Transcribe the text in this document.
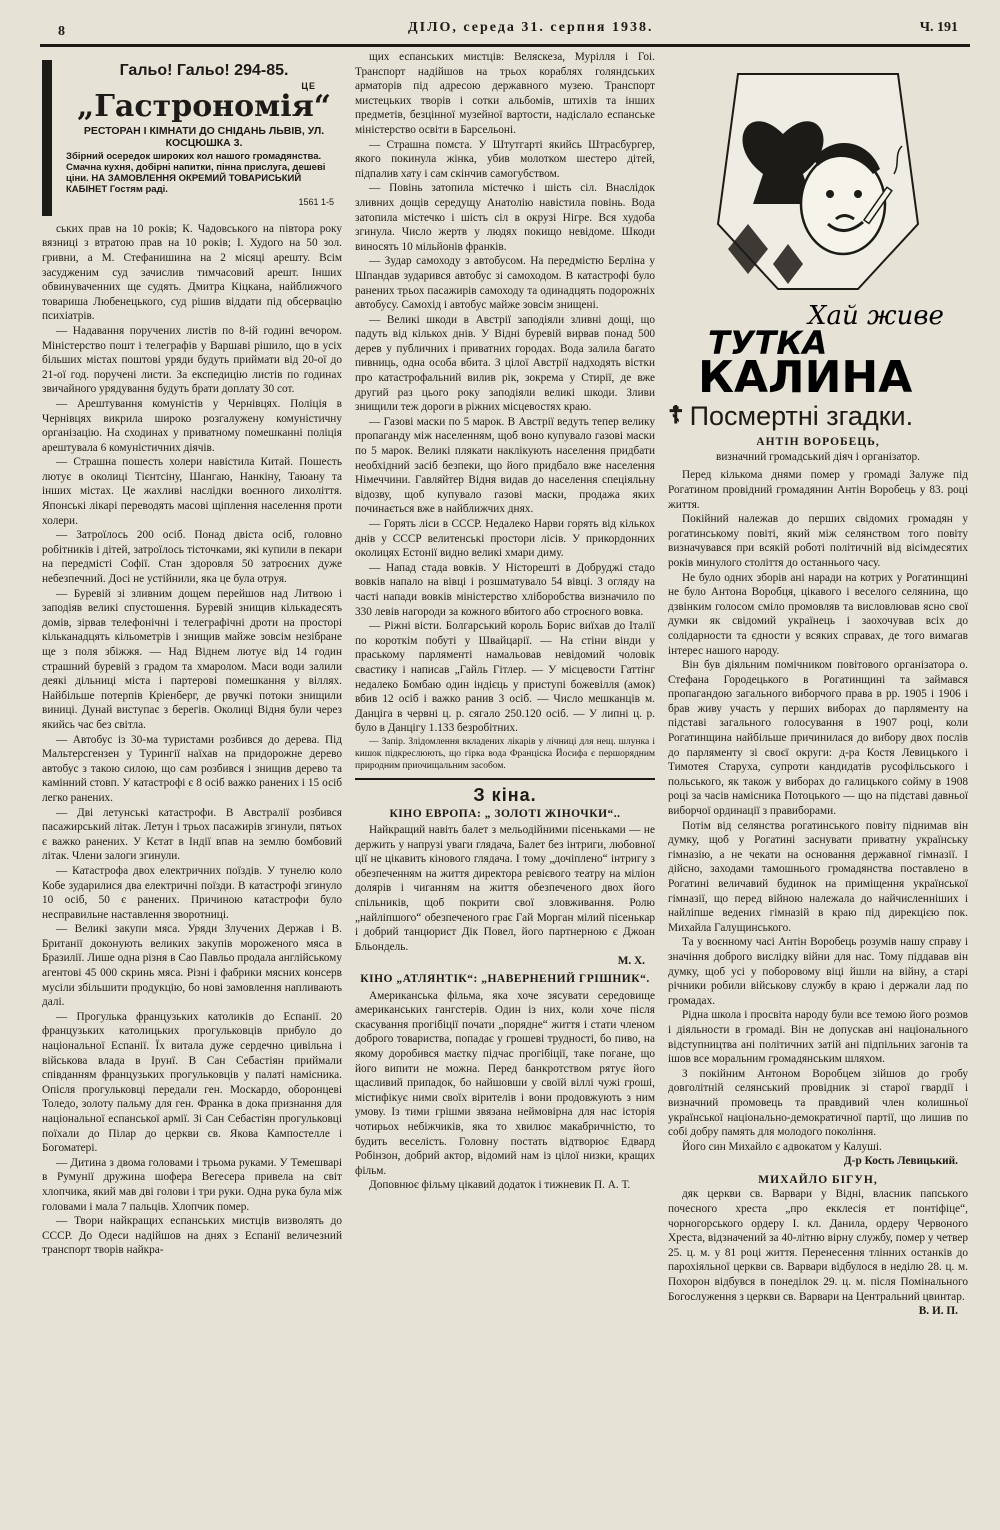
8	ДІЛО, середа 31. серпня 1938.	Ч. 191
Гальо! Гальо! 294-85.
ЦЕ
„Гастрономія“
РЕСТОРАН І КІМНАТИ ДО СНІДАНЬ ЛЬВІВ, УЛ. КОСЦЮШКА 3.
Збірний осередок широких кол нашого громадянства. Смачна кухня, добірні напитки, пінна прислуга, дешеві ціни. НА ЗАМОВЛЕННЯ ОКРЕМИЙ ТОВАРИСЬКИЙ КАБІНЕТ Гостям раді.
1561 1-5

ських прав на 10 років; К. Чадовського на півтора року вязниці з втратою прав на 10 років; І. Худого на 50 зол. гривни, а М. Стефанишина на 2 місяці арешту. Всім засудженим суд зачислив тимчасовий арешт. Інших обвинуваченних ще судять. Дмитра Кіцкана, найближчого товариша Любенецького, суд рішив віддати під обсервацію психіатрів.

— Надавання поручених листів по 8-ій годині вечором. Міністерство пошт і телеграфів у Варшаві рішило, що в усіх більших містах поштові уряди будуть приймати від 20-ої до 21-ої год. поручені листи. За експедицію листів по годинах звичайного урядування будуть брати доплату 30 сот.

— Арештування комуністів у Чернівцях. Поліція в Чернівцях викрила широко розгалужену комуністичну організацію. На сходинах у приватному помешканні поліція арештувала 6 комуністичних діячів.

— Страшна пошесть холери навістила Китай. Пошесть лютує в околиці Тієнтсіну, Шангаю, Нанкіну, Таюану та інших містах. Це жахливі наслідки воєнного лихоліття. Японські лікарі переводять масові щіплення населення проти холери.

— Затроїлось 200 осіб. Понад двіста осіб, головно робітників і дітей, затроїлось тісточками, які купили в пекари на передмісті Софії. Стан здоровля 50 затроєних дуже небезпечний. Досі не устійнили, яка це була отруя.

— Буревій зі зливним дощем перейшов над Литвою і заподіяв великі спустошення. Буревій знищив кількадесять домів, зірвав телефонічні і телеграфічні дроти на просторі кільканадцять кільометрів і знищив майже зовсім незібране ще з поля збіжжя. — Над Віднем лютує від 14 годин страшний буревій з градом та хмаролом. Маси води залили деякі дільниці міста і партерові помешкання у віллях. Найбільше потерпів Кріенберг, де рвучкі потоки знищили виниці. Дунай виступає з берегів. Околиці Відня були через якийсь час без світла.

— Автобус із 30-ма туристами розбився до дерева. Під Мальтерсгензен у Турингії наїхав на придорожне дерево автобус з такою силою, що сам розбився і знищив дерево та камінний стовп. У катастрофі є 8 осіб важко ранених і 15 осіб легко ранених.

— Дві летунські катастрофи. В Австралії розбився пасажирський літак. Летун і трьох пасажирів згинули, пятьох є важко ранених. У Кєтат в Індії впав на землю бомбовий літак. Члени залоги згинули.

— Катастрофа двох електричних поїздів. У тунелю коло Кобе зударилися два електричні поїзди. В катастрофі згинуло 10 осіб, 50 є ранених. Причиною катастрофи було несправильне наставлення зворотниці.

— Великі закупи мяса. Уряди Злучених Держав і В. Британії доконують великих закупів мороженого мяса в Бразилії. Лише одна різня в Сао Павльо продала англійському агентові 45 000 скринь мяса. Різні і фабрики мясних консерв мусіли збільшити продукцію, бо нові замовлення напливають далі.

— Прогулька французьких католиків до Еспанії. 20 французьких католицьких прогульковців прибуло до національної Еспанії. Їх витала дуже сердечно цивільна і військова влада в Ірунї. В Сан Себастіян приймали співданням французьких прогульковців у палаті намісника. Опісля прогульковці передали ген. Москардо, оборонцеві Толедо, золоту пальму для ген. Франка в дока признання для національної еспанської армії. Зі Сан Себастіян прогульковці поїхали до Пілар до церкви св. Якова Кампостелле і Богоматері.

— Дитина з двома головами і трьома руками. У Темешварі в Румунії дружина шофера Вегесера привела на світ хлопчика, який мав дві голови і три руки. Одна рука була між головами і мала 7 пальців. Хлопчик помер.

— Твори найкращих еспанських мистців визволять до СССР. До Одеси надійшов на днях з Еспанії величезний транспорт творів найкра-

щих еспанських мистців: Веляскеза, Мурілля і Гоі. Транспорт надійшов на трьох кораблях голяндських арматорів під адресою державного музею. Транспорт мистецьких творів і сотки альбомів, штихів та інших предметів, безцінної музейної вартости, надіслало еспанське міністерство освіти в Барсельоні.

— Страшна помста. У Штутгарті якийсь Штрасбургер, якого покинула жінка, убив молотком шестеро дітей, підпалив хату і сам скінчив самогубством.

— Повінь затопила містечко і шість сіл. Внаслідок зливних дощів середущу Анатолію навістила повінь. Вода затопила містечко і шість сіл в окрузі Нігре. Вся худоба згинула. Число жертв у людях покищо невідоме. Шкоди виносять 10 мільйонів франків.

— Зудар самоходу з автобусом. На передмістю Берліна у Шпандав зударився автобус зі самоходом. В катастрофі було ранених трьох пасажирів самоходу та одинадцять подорожніх автобусу. Самохід і автобус майже зовсім знищені.

— Великі шкоди в Австрії заподіяли зливні дощі, що падуть від кількох днів. У Відні буревій вирвав понад 500 дерев у публичних і приватних городах. Вода залила багато пивниць, одна особа вбита. З цілої Австрії надходять вістки про катастрофальний вилив рік, зокрема у Стирії, де вже другий раз цього року заподіяли великі шкоди. Зливи знищили теж дороги в ріжних місцевостях краю.

— Газові маски по 5 марок. В Австрії ведуть тепер велику пропаганду між населенням, щоб воно купувало газові маски по 5 марок. Великі плякати наклікують населення придбати необхідний засіб безпеки, що його придбало вже населення Німеччини. Гавляйтер Відня видав до населення спеціяльну відозву, щоб купувало газові маски, продажа яких починається вже в найближчих днях.

— Горять ліси в СССР. Недалеко Нарви горять від кількох днів у СССР велитенські простори лісів. У прикордонних околицях Естонії видно великі хмари диму.

— Напад стада вовків. У Ністорешті в Добруджі стадо вовків напало на вівці і розшматувало 54 вівці. З огляду на часті напади вовків міністерство хліборобства визначило по 330 левів нагороди за кожного вбитого або строєного вовка.

— Ріжні вісти. Болгарський король Борис виїхав до Італії по короткім побуті у Швайцарії. — На стіни вінди у праському парляменті намальовав невідомий чоловік свастику і написав „Гайль Гітлер. — У місцевости Гаттінг недалеко Бомбаю один індієць у приступі божевілля (амок) вбив 12 осіб і важко ранив 3 осіб. — Число мешканців м. Данціга в червні ц. р. сягало 250.120 осіб. — У липні ц. р. було в Данцігу 1.133 безробітних.

— Запір. Злідомлення вкладених лікарів у лічниці для нещ. шлунка і кишок підкреслюють, що гірка вода Франціска Йосифа є першорядним природним приочищальним засобом.

З кіна.
КІНО ЕВРОПА: „ ЗОЛОТІ ЖІНОЧКИ“..

Найкращий навіть балет з мельодійними пісеньками — не держить у напрузі уваги глядача, Балет без інтриги, любовної ції не цікавить кінового глядача. І тому „дочіплено“ інтригу з обезпеченням на життя директора ревієвого театру на міліон долярів і чиганням на життя обезпеченого двох його спільників, щоб покрити свої зловживання. Ролю „найліпшого“ обезпеченого грає Гай Морган мілий пісенькар і добрий танцюрист Дік Повел, його партнерною є Джоан Бльондель.

М. Х.
КІНО „АТЛЯНТІК“: „НАВЕРНЕНИЙ ГРІШНИК“.

Американська фільма, яка хоче зясувати середовище американських гангстерів. Один із них, коли хоче після скасування прогібіції почати „порядне“ життя і стати членом доброго товариства, попадає у грошеві трудності, бо пиво, на якому доробився маєтку підчас прогібіції, таке погане, що його випити не можна. Перед банкротством рятує його щасливий припадок, бо найшовши у своїй віллі чужі гроші, містифікує ними своїх вірителів і вони продовжують з ним умову. Із тими грішми звязана неймовірна для нас історія чотирьох небіжчиків, яка то хвилює макабричністю, то будить веселість. Головну постать відтворює Едвард Робінзон, добрий актор, відомий нам із цілої низки, кращих фільм.

Доповнює фільму цікавий додаток і тижневик П. А. Т.

Хай живе
ТУТКА
КАЛИНА
☦ Посмертні згадки.
АНТІН ВОРОБЕЦЬ,
визначний громадський діяч і організатор.

Перед кількома днями помер у громаді Залуже під Рогатином провідний громадянин Антін Воробець у 83. році життя.

Покійний належав до перших свідомих громадян у рогатинському повіті, який між селянством того повіту визначувався при всякій роботі політичній від вісімдесятих років минулого століття до останнього часу.

Не було одних зборів ані наради на котрих у Рогатинщині не було Антона Воробця, цікавого і веселого селянина, що дзвінким голосом сміло промовляв та висловлював ясно свої думки як свідомий українець і заохочував всіх до солідарности та єдности у всяких справах, де того вимагав інтерес нашого народу.

Він був діяльним помічником повітового організатора о. Стефана Городецького в Рогатинщині та займався пропагандою загального виборчого права в рр. 1905 і 1906 і брав живу участь у перших виборах до парляменту на підставі загального голосування в 1907 році, коли Рогатинщина найбільше причинилася до вибору двох послів до парляменту зі своєї округи: д-ра Костя Левицького і Тимотея Старуха, супроти кандидатів русофільського і польського, як також у виборах до галицького сойму в 1908 році за часів намісника Потоцького — що на підставі давньої виборчої ординації з правиборами.

Потім від селянства рогатинського повіту піднимав він думку, щоб у Рогатині заснувати приватну українську гімназію, а не чекати на основання державної гімназії. І дійсно, заходами тамошнього громадянства поставлено в Рогатині величавий будинок на приміщення української гімназії, що перед війною належала до найчисленніших і найліпше ведених гімназій в краю під дирекцією пок. Михайла Галущинського.

Та у воєнному часі Антін Воробець розумів нашу справу і значіння доброго вислідку війни для нас. Тому піддавав він думку, щоб усі у поборовому віці йшли на війну, а старі річники робили військову службу в краю і держали лад по громадах.

Рідна школа і просвіта народу були все темою його розмов і діяльности в громаді. Він не допускав ані національного відступництва ані політичних затій ані підпільних загонів та ішов все моральним громадянським шляхом.

З покійним Антоном Воробцем зійшов до гробу довголітній селянський провідник зі старої гвардії і визначний промовець та правдивий член колишньої української національно-демократичної партії, що лишив по собі добру память для молодого покоління.

Його син Михайло є адвокатом у Калуші.

Д-р Кость Левицький.
МИХАЙЛО БІГУН,

дяк церкви св. Варвари у Відні, власник папського почесного хреста „про екклесія ет понтіфіце“, чорногорського ордеру І. кл. Данила, ордеру Червоного Хреста, відзначений за 40-літню вірну службу, помер у четвер 25. ц. м. у 81 році життя. Перенесення тлінних останків до парохіяльної церкви св. Варвари відбулося в неділю 28. ц. м. Похорон відбувся в понеділок 29. ц. м. після Помінального Богослуження з церкви св. Варвари на Центральний цвинтар.

В. И. П.
